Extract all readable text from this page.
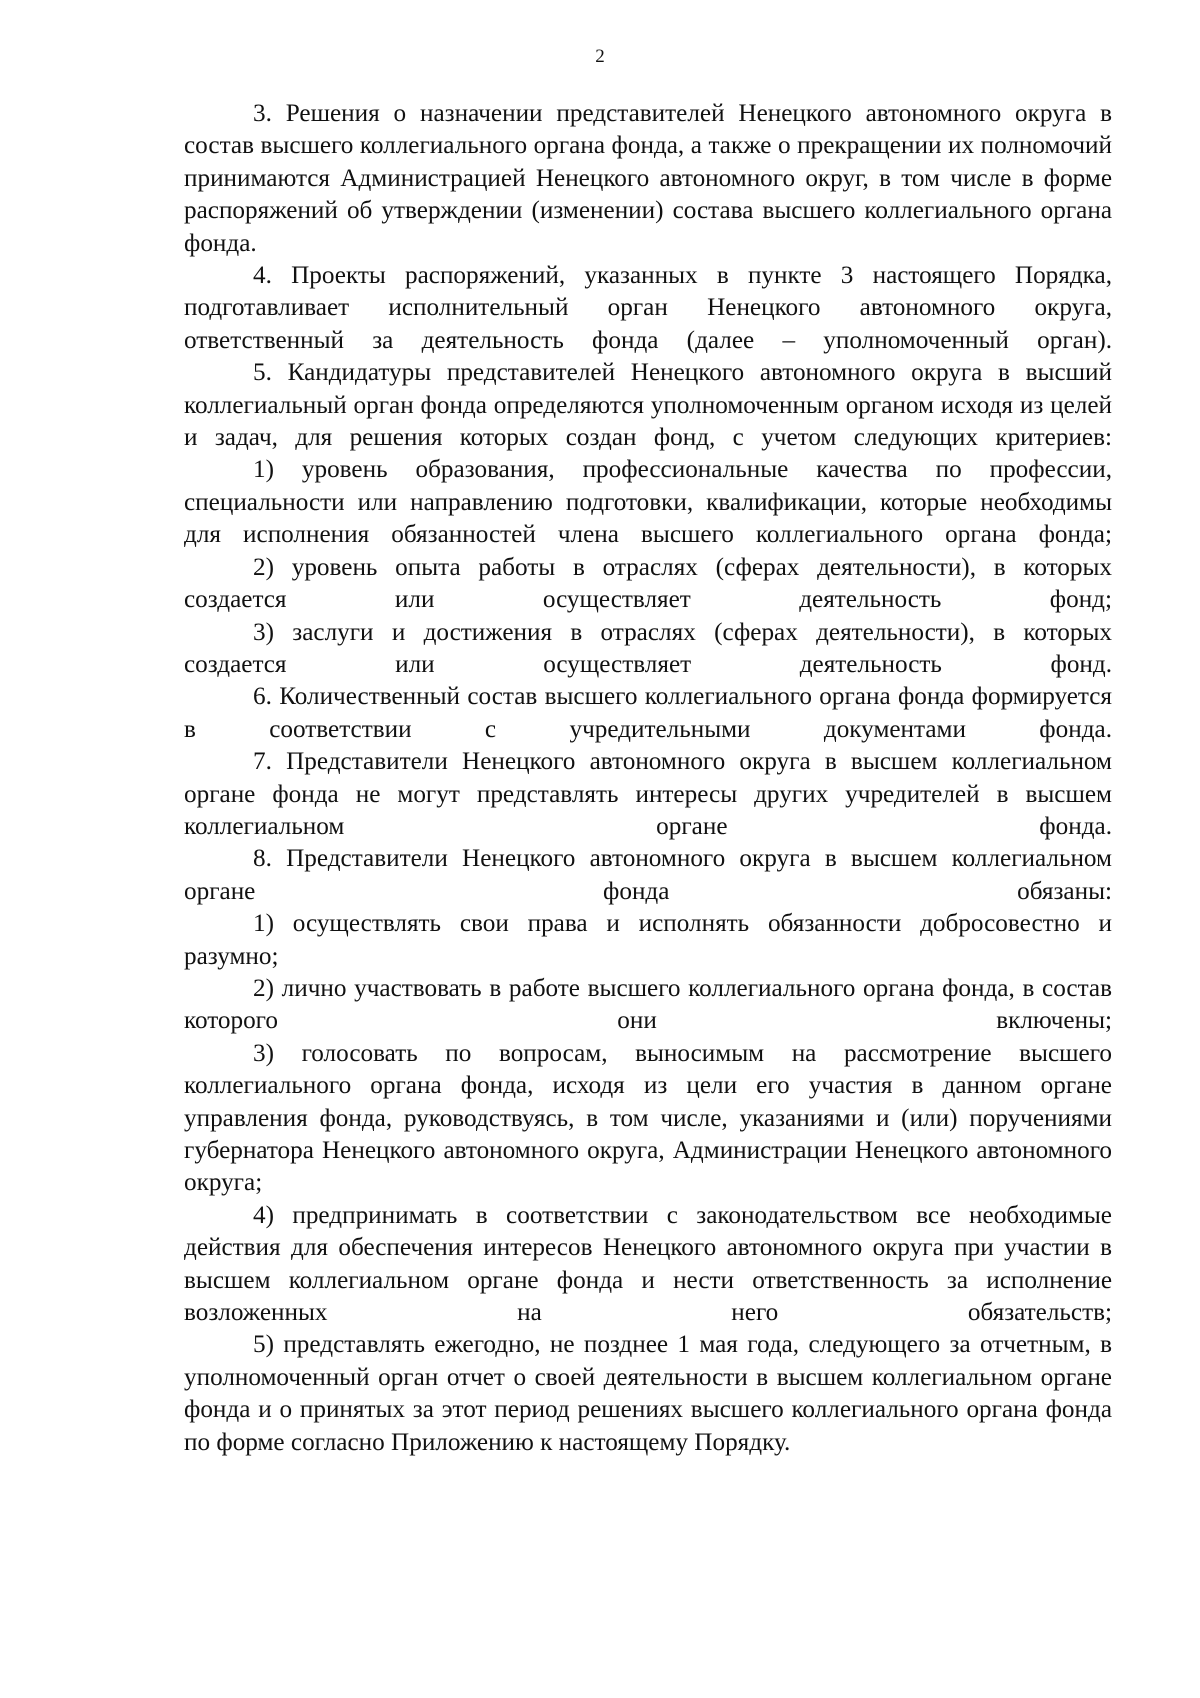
2

3. Решения о назначении представителей Ненецкого автономного округа в состав высшего коллегиального органа фонда, а также о прекращении их полномочий принимаются Администрацией Ненецкого автономного округ, в том числе в форме распоряжений об утверждении (изменении) состава высшего коллегиального органа фонда.

4. Проекты распоряжений, указанных в пункте 3 настоящего Порядка, подготавливает исполнительный орган Ненецкого автономного округа, ответственный за деятельность фонда (далее – уполномоченный орган).

5. Кандидатуры представителей Ненецкого автономного округа в высший коллегиальный орган фонда определяются уполномоченным органом исходя из целей и задач, для решения которых создан фонд, с учетом следующих критериев:

1) уровень образования, профессиональные качества по профессии, специальности или направлению подготовки, квалификации, которые необходимы для исполнения обязанностей члена высшего коллегиального органа фонда;

2) уровень опыта работы в отраслях (сферах деятельности), в которых создается или осуществляет деятельность фонд;

3) заслуги и достижения в отраслях (сферах деятельности), в которых создается или осуществляет деятельность фонд.

6. Количественный состав высшего коллегиального органа фонда формируется в соответствии с учредительными документами фонда.

7. Представители Ненецкого автономного округа в высшем коллегиальном органе фонда не могут представлять интересы других учредителей в высшем коллегиальном органе фонда.

8. Представители Ненецкого автономного округа в высшем коллегиальном органе фонда обязаны:

1) осуществлять свои права и исполнять обязанности добросовестно и разумно;

2) лично участвовать в работе высшего коллегиального органа фонда, в состав которого они включены;

3) голосовать по вопросам, выносимым на рассмотрение высшего коллегиального органа фонда, исходя из цели его участия в данном органе управления фонда, руководствуясь, в том числе, указаниями и (или) поручениями губернатора Ненецкого автономного округа, Администрации Ненецкого автономного округа;

4) предпринимать в соответствии с законодательством все необходимые действия для обеспечения интересов Ненецкого автономного округа при участии в высшем коллегиальном органе фонда и нести ответственность за исполнение возложенных на него обязательств;

5) представлять ежегодно, не позднее 1 мая года, следующего за отчетным, в уполномоченный орган отчет о своей деятельности в высшем коллегиальном органе фонда и о принятых за этот период решениях высшего коллегиального органа фонда по форме согласно Приложению к настоящему Порядку.
